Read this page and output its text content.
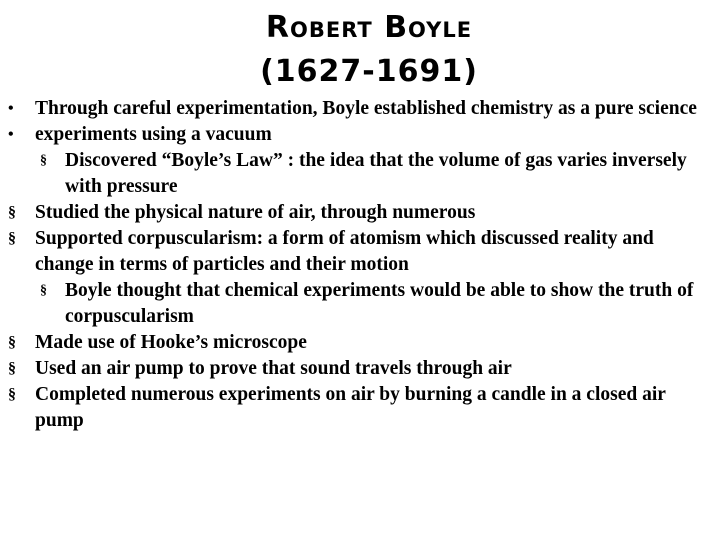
Robert Boyle
(1627-1691)
• Through careful experimentation, Boyle established chemistry as a pure science
• experiments using a vacuum
§ Discovered “Boyle’s Law” : the idea that the volume of gas varies inversely with pressure
§ Studied the physical nature of air, through numerous
§ Supported corpuscularism: a form of atomism which discussed reality and change in terms of particles and their motion
§ Boyle thought that chemical experiments would be able to show the truth of corpuscularism
§ Made use of Hooke’s microscope
§ Used an air pump to prove that sound travels through air
§ Completed numerous experiments on air by burning a candle in a closed air pump
